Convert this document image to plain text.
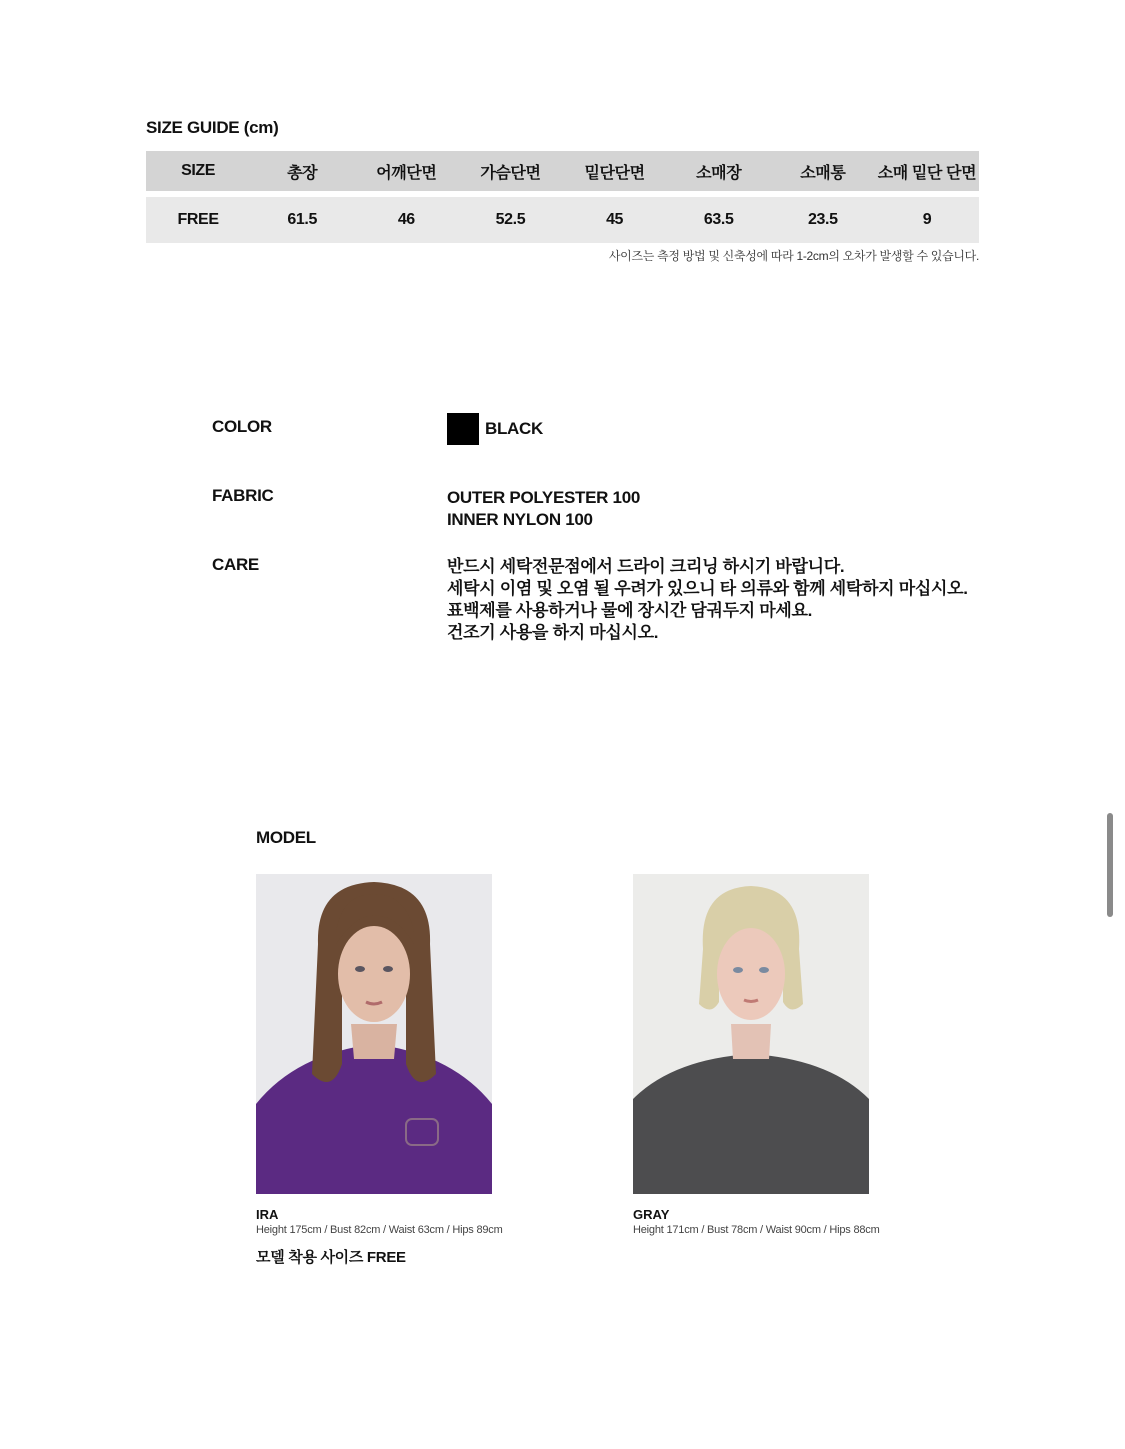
SIZE GUIDE (cm)
SIZE	총장	어깨단면	가슴단면	밑단단면	소매장	소매통	소매 밑단 단면

FREE	61.5	46	52.5	45	63.5	23.5	9
사이즈는 측정 방법 및 신축성에 따라 1-2cm의 오차가 발생할 수 있습니다.
COLOR	BLACK
FABRIC	OUTER POLYESTER 100
INNER NYLON 100
CARE	반드시 세탁전문점에서 드라이 크리닝 하시기 바랍니다.
세탁시 이염 및 오염 될 우려가 있으니 타 의류와 함께 세탁하지 마십시오.
표백제를 사용하거나 물에 장시간 담궈두지 마세요.
건조기 사용을 하지 마십시오.
MODEL
IRA
Height 175cm / Bust 82cm / Waist 63cm / Hips 89cm
GRAY
Height 171cm / Bust 78cm / Waist 90cm / Hips 88cm
모델 착용 사이즈 FREE
